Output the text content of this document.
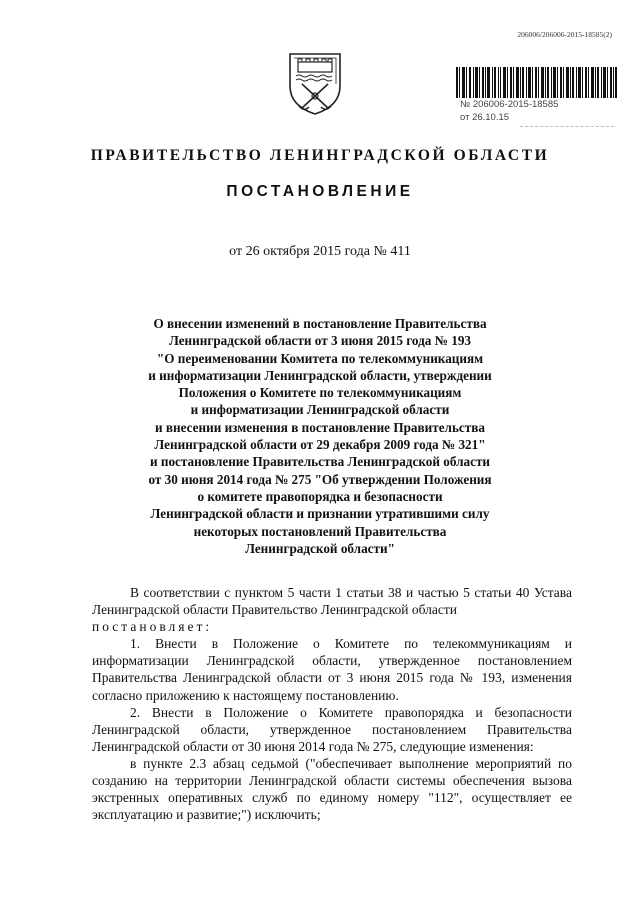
206006/206006-2015-18585(2)
№ 206006-2015-18585
от 26.10.15
ПРАВИТЕЛЬСТВО ЛЕНИНГРАДСКОЙ ОБЛАСТИ
ПОСТАНОВЛЕНИЕ
от 26 октября 2015 года № 411
О внесении изменений в постановление Правительства
Ленинградской области от 3 июня 2015 года № 193
"О переименовании Комитета по телекоммуникациям
и информатизации Ленинградской области, утверждении
Положения о Комитете по телекоммуникациям
и информатизации Ленинградской области
и внесении изменения в постановление Правительства
Ленинградской области от 29 декабря 2009 года № 321"
и постановление Правительства Ленинградской области
от 30 июня 2014 года № 275 "Об утверждении Положения
о комитете правопорядка и безопасности
Ленинградской области и признании утратившими силу
некоторых постановлений Правительства
Ленинградской области"

В соответствии с пунктом 5 части 1 статьи 38 и частью 5 статьи 40 Устава Ленинградской области Правительство Ленинградской области

постановляет:

1. Внести в Положение о Комитете по телекоммуникациям и информатизации Ленинградской области, утвержденное постановлением Правительства Ленинградской области от 3 июня 2015 года № 193, изменения согласно приложению к настоящему постановлению.

2. Внести в Положение о Комитете правопорядка и безопасности Ленинградской области, утвержденное постановлением Правительства Ленинградской области от 30 июня 2014 года № 275, следующие изменения:

в пункте 2.3 абзац седьмой ("обеспечивает выполнение мероприятий по созданию на территории Ленинградской области системы обеспечения вызова экстренных оперативных служб по единому номеру "112", осуществляет ее эксплуатацию и развитие;") исключить;
